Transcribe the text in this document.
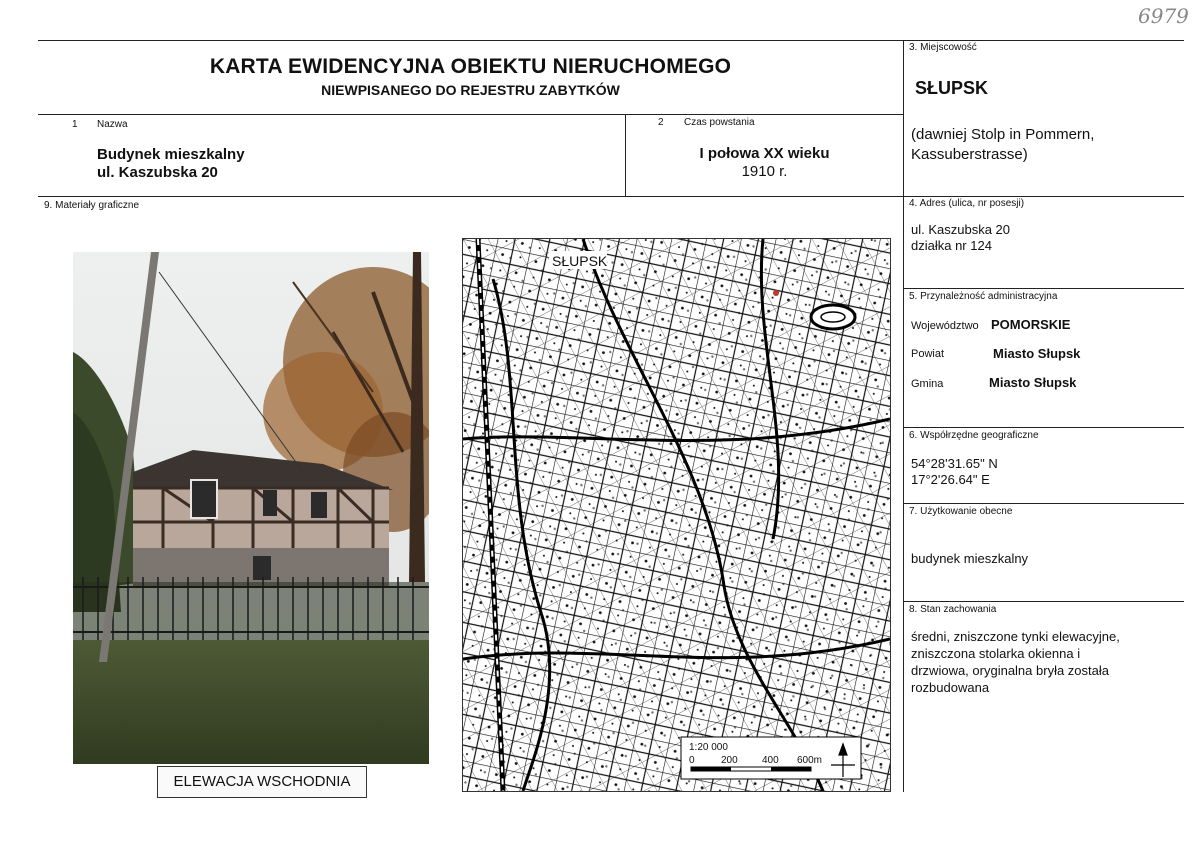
6979
KARTA EWIDENCYJNA OBIEKTU NIERUCHOMEGO
NIEWPISANEGO DO REJESTRU ZABYTKÓW
3. Miejscowość
SŁUPSK
(dawniej Stolp in Pommern,
Kassuberstrasse)
1 Nazwa
Budynek mieszkalny
ul. Kaszubska 20
2 Czas powstania
I połowa XX wieku
1910 r.
9. Materiały graficzne
ELEWACJA WSCHODNIA
SŁUPSK
1:20 000
0	200 400 600m
4. Adres (ulica, nr posesji)
ul. Kaszubska 20
działka nr 124
5. Przynależność administracyjna
Województwo POMORSKIE
Powiat	Miasto Słupsk
Gmina	Miasto Słupsk
6. Współrzędne geograficzne
54°28'31.65" N
17°2'26.64" E
7. Użytkowanie obecne
budynek mieszkalny
8. Stan zachowania
średni, zniszczone tynki elewacyjne,
zniszczona stolarka okienna i
drzwiowa, oryginalna bryła została
rozbudowana
